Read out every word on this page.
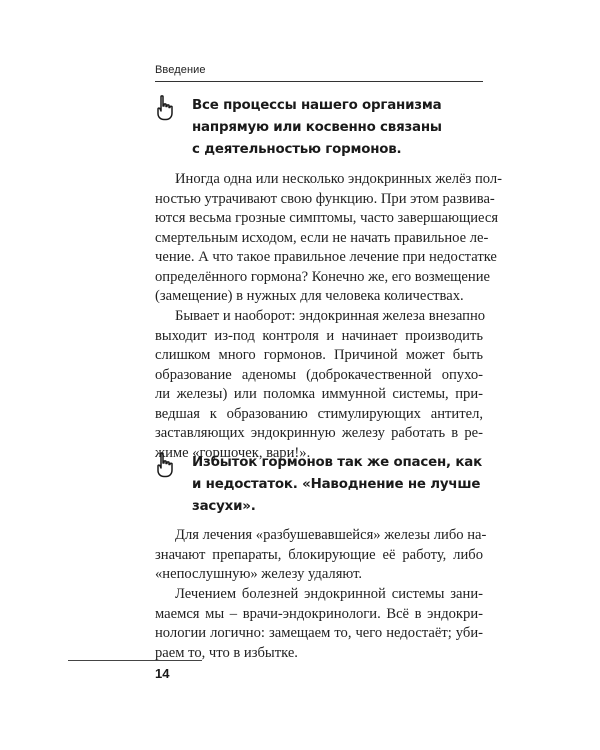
Введение
Все процессы нашего организма
напрямую или косвенно связаны
с деятельностью гормонов.
Иногда одна или несколько эндокринных желёз пол-
ностью утрачивают свою функцию. При этом развива-
ются весьма грозные симптомы, часто завершающиеся
смертельным исходом, если не начать правильное ле-
чение. А что такое правильное лечение при недостатке
определённого гормона? Конечно же, его возмещение
(замещение) в нужных для человека количествах.
Бывает и наоборот: эндокринная железа внезапно
выходит из-под контроля и начинает производить
слишком много гормонов. Причиной может быть
образование аденомы (доброкачественной опухо-
ли железы) или поломка иммунной системы, при-
ведшая к образованию стимулирующих антител,
заставляющих эндокринную железу работать в ре-
жиме «горшочек, вари!».
Избыток гормонов так же опасен, как
и недостаток. «Наводнение не лучше
засухи».
Для лечения «разбушевавшейся» железы либо на-
значают препараты, блокирующие её работу, либо
«непослушную» железу удаляют.
Лечением болезней эндокринной системы зани-
маемся мы – врачи-эндокринологи. Всё в эндокри-
нологии логично: замещаем то, чего недостаёт; уби-
раем то, что в избытке.
14
